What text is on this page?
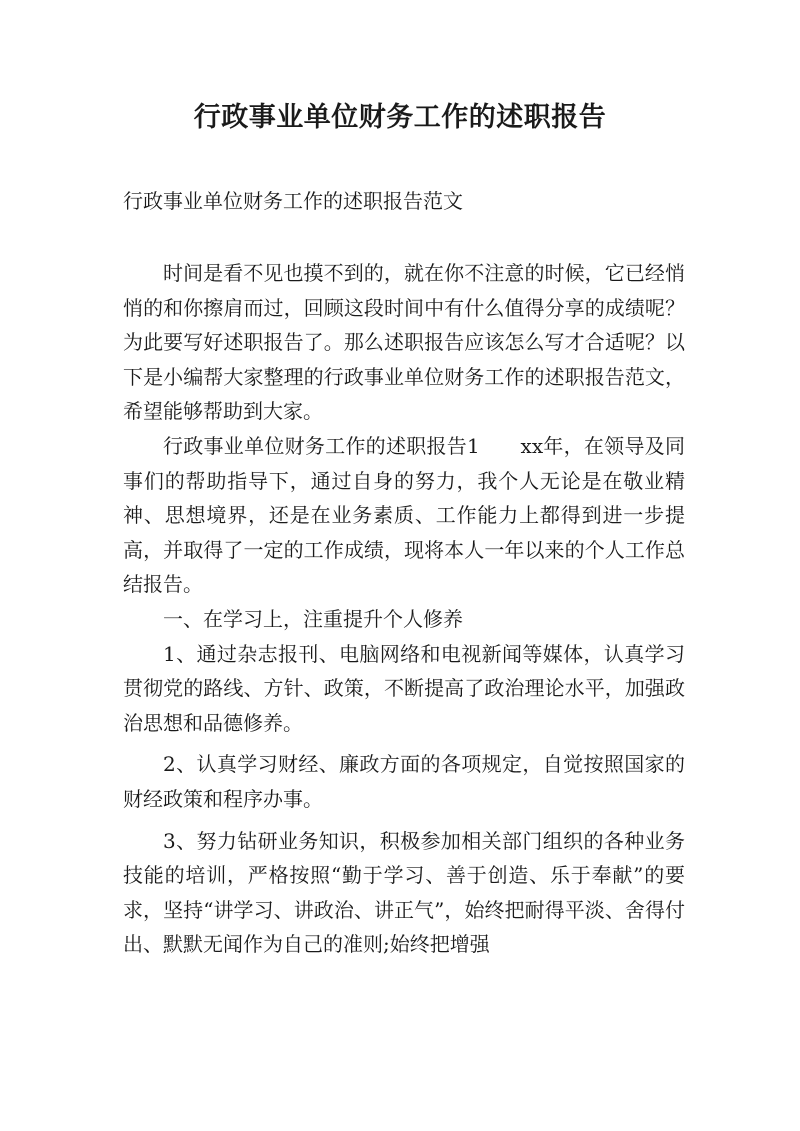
行政事业单位财务工作的述职报告

行政事业单位财务工作的述职报告范文

时间是看不见也摸不到的，就在你不注意的时候，它已经悄悄的和你擦肩而过，回顾这段时间中有什么值得分享的成绩呢？为此要写好述职报告了。那么述职报告应该怎么写才合适呢？以下是小编帮大家整理的行政事业单位财务工作的述职报告范文，希望能够帮助到大家。

行政事业单位财务工作的述职报告1　　xx年，在领导及同事们的帮助指导下，通过自身的努力，我个人无论是在敬业精神、思想境界，还是在业务素质、工作能力上都得到进一步提高，并取得了一定的工作成绩，现将本人一年以来的个人工作总结报告。

一、在学习上，注重提升个人修养

1、通过杂志报刊、电脑网络和电视新闻等媒体，认真学习贯彻党的路线、方针、政策，不断提高了政治理论水平，加强政治思想和品德修养。

2、认真学习财经、廉政方面的各项规定，自觉按照国家的财经政策和程序办事。

3、努力钻研业务知识，积极参加相关部门组织的各种业务技能的培训，严格按照“勤于学习、善于创造、乐于奉献”的要求，坚持“讲学习、讲政治、讲正气”，始终把耐得平淡、舍得付出、默默无闻作为自己的准则;始终把增强
